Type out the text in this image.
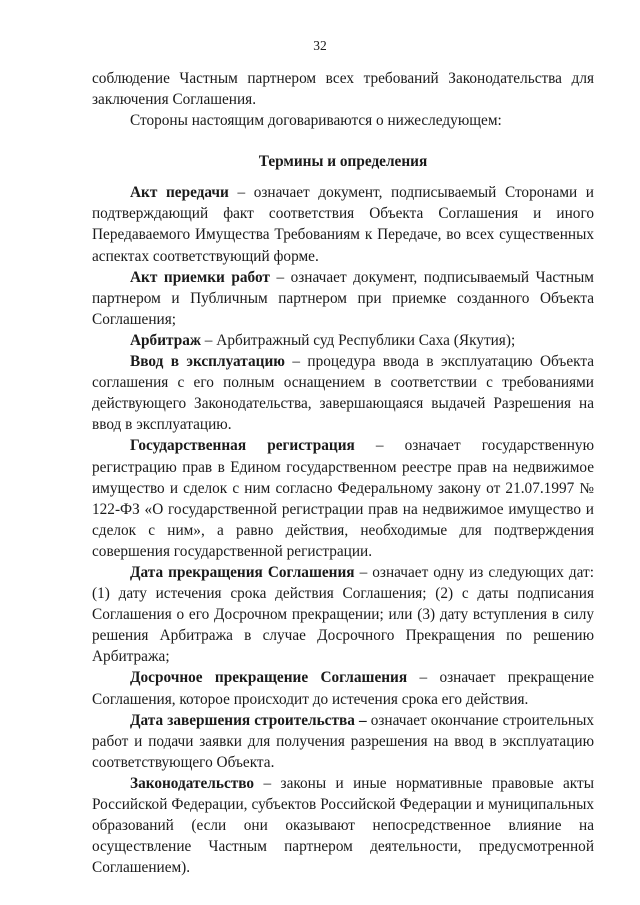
32

соблюдение Частным партнером всех требований Законодательства для заключения Соглашения.

Стороны настоящим договариваются о нижеследующем:

Термины и определения

Акт передачи – означает документ, подписываемый Сторонами и подтверждающий факт соответствия Объекта Соглашения и иного Передаваемого Имущества Требованиям к Передаче, во всех существенных аспектах соответствующий форме.

Акт приемки работ – означает документ, подписываемый Частным партнером и Публичным партнером при приемке созданного Объекта Соглашения;

Арбитраж – Арбитражный суд Республики Саха (Якутия);

Ввод в эксплуатацию – процедура ввода в эксплуатацию Объекта соглашения с его полным оснащением в соответствии с требованиями действующего Законодательства, завершающаяся выдачей Разрешения на ввод в эксплуатацию.

Государственная регистрация – означает государственную регистрацию прав в Едином государственном реестре прав на недвижимое имущество и сделок с ним согласно Федеральному закону от 21.07.1997 № 122-ФЗ «О государственной регистрации прав на недвижимое имущество и сделок с ним», а равно действия, необходимые для подтверждения совершения государственной регистрации.

Дата прекращения Соглашения – означает одну из следующих дат: (1) дату истечения срока действия Соглашения; (2) с даты подписания Соглашения о его Досрочном прекращении; или (3) дату вступления в силу решения Арбитража в случае Досрочного Прекращения по решению Арбитража;

Досрочное прекращение Соглашения – означает прекращение Соглашения, которое происходит до истечения срока его действия.

Дата завершения строительства – означает окончание строительных работ и подачи заявки для получения разрешения на ввод в эксплуатацию соответствующего Объекта.

Законодательство – законы и иные нормативные правовые акты Российской Федерации, субъектов Российской Федерации и муниципальных образований (если они оказывают непосредственное влияние на осуществление Частным партнером деятельности, предусмотренной Соглашением).
